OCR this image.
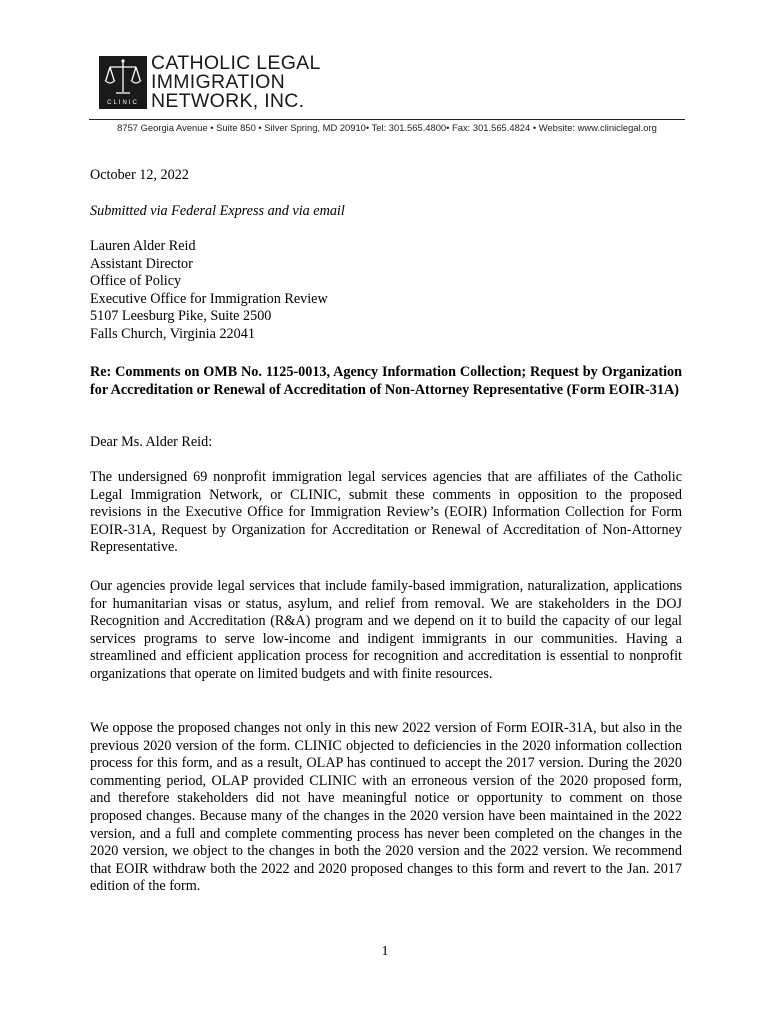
CLINIC
CATHOLIC LEGAL
IMMIGRATION
NETWORK, INC.
8757 Georgia Avenue • Suite 850 • Silver Spring, MD 20910• Tel: 301.565.4800• Fax: 301.565.4824 • Website: www.cliniclegal.org
October 12, 2022
Submitted via Federal Express and via email
Lauren Alder Reid
Assistant Director
Office of Policy
Executive Office for Immigration Review
5107 Leesburg Pike, Suite 2500
Falls Church, Virginia 22041
Re: Comments on OMB No. 1125-0013, Agency Information Collection; Request by Organization for Accreditation or Renewal of Accreditation of Non-Attorney Representative (Form EOIR-31A)
Dear Ms. Alder Reid:
The undersigned 69 nonprofit immigration legal services agencies that are affiliates of the Catholic Legal Immigration Network, or CLINIC, submit these comments in opposition to the proposed revisions in the Executive Office for Immigration Review’s (EOIR) Information Collection for Form EOIR-31A, Request by Organization for Accreditation or Renewal of Accreditation of Non-Attorney Representative.
Our agencies provide legal services that include family-based immigration, naturalization, applications for humanitarian visas or status, asylum, and relief from removal. We are stakeholders in the DOJ Recognition and Accreditation (R&A) program and we depend on it to build the capacity of our legal services programs to serve low-income and indigent immigrants in our communities. Having a streamlined and efficient application process for recognition and accreditation is essential to nonprofit organizations that operate on limited budgets and with finite resources.
We oppose the proposed changes not only in this new 2022 version of Form EOIR-31A, but also in the previous 2020 version of the form. CLINIC objected to deficiencies in the 2020 information collection process for this form, and as a result, OLAP has continued to accept the 2017 version. During the 2020 commenting period, OLAP provided CLINIC with an erroneous version of the 2020 proposed form, and therefore stakeholders did not have meaningful notice or opportunity to comment on those proposed changes. Because many of the changes in the 2020 version have been maintained in the 2022 version, and a full and complete commenting process has never been completed on the changes in the 2020 version, we object to the changes in both the 2020 version and the 2022 version. We recommend that EOIR withdraw both the 2022 and 2020 proposed changes to this form and revert to the Jan. 2017 edition of the form.
1
